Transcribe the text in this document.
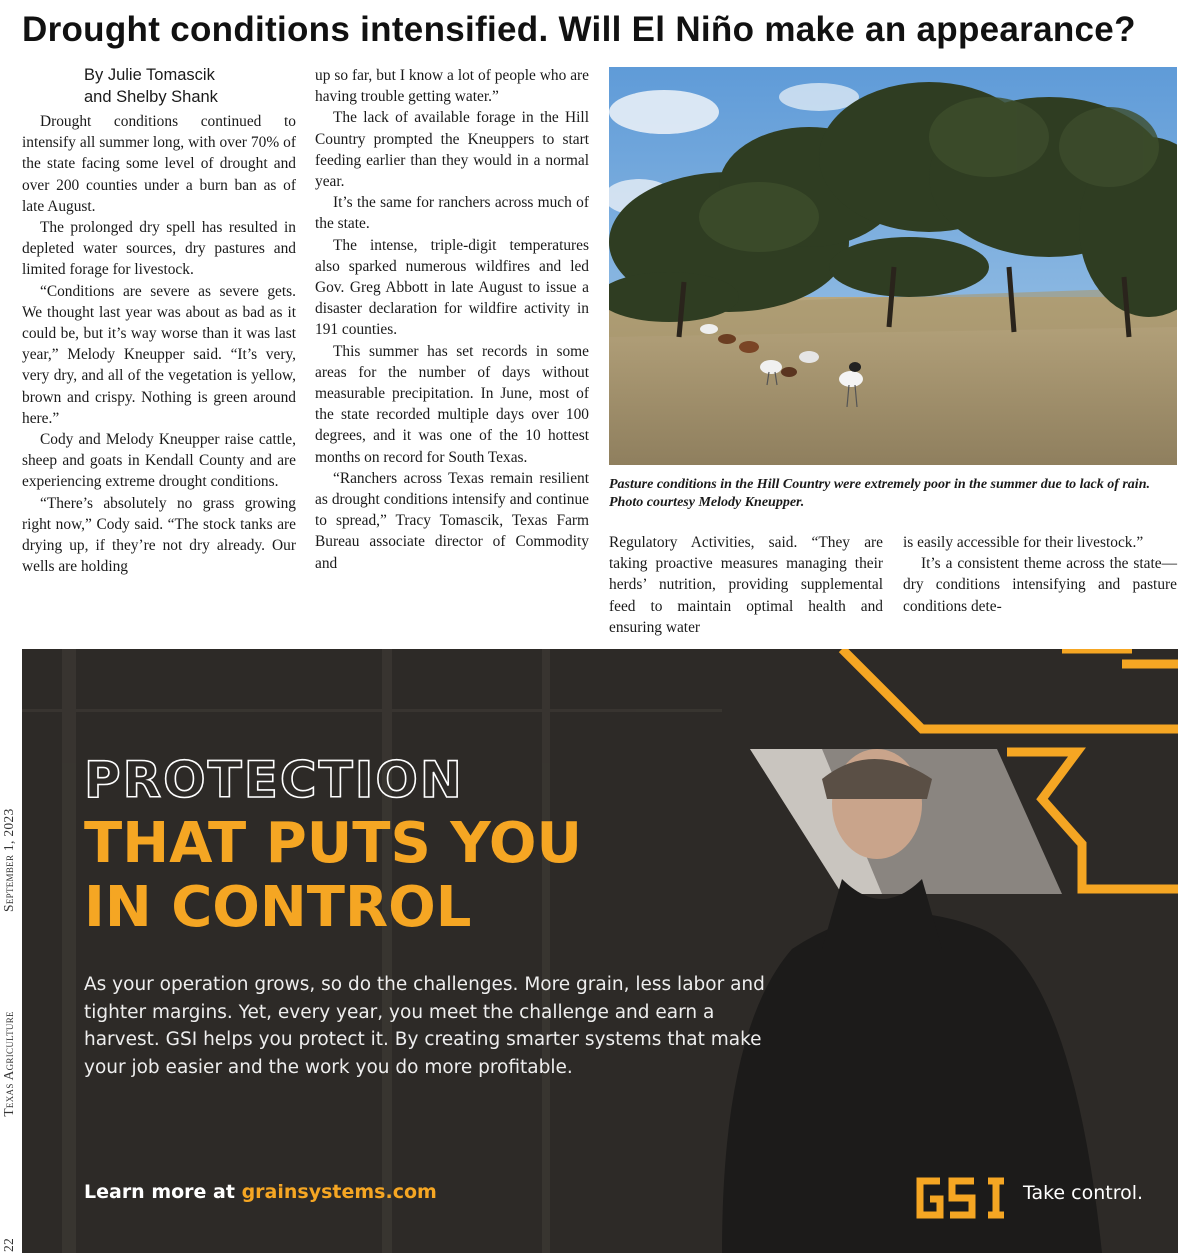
Drought conditions intensified. Will El Niño make an appearance?
By Julie Tomascik
and Shelby Shank

Drought conditions continued to intensify all summer long, with over 70% of the state facing some level of drought and over 200 counties under a burn ban as of late August.

The prolonged dry spell has resulted in depleted water sources, dry pastures and limited forage for livestock.

“Conditions are severe as severe gets. We thought last year was about as bad as it could be, but it’s way worse than it was last year,” Melody Kneupper said. “It’s very, very dry, and all of the vegetation is yellow, brown and crispy. Nothing is green around here.”

Cody and Melody Kneupper raise cattle, sheep and goats in Kendall County and are experiencing extreme drought conditions.

“There’s absolutely no grass growing right now,” Cody said. “The stock tanks are drying up, if they’re not dry already. Our wells are holding

up so far, but I know a lot of people who are having trouble getting water.”

The lack of available forage in the Hill Country prompted the Kneuppers to start feeding earlier than they would in a normal year.

It’s the same for ranchers across much of the state.

The intense, triple-digit temperatures also sparked numerous wildfires and led Gov. Greg Abbott in late August to issue a disaster declaration for wildfire activity in 191 counties.

This summer has set records in some areas for the number of days without measurable precipitation. In June, most of the state recorded multiple days over 100 degrees, and it was one of the 10 hottest months on record for South Texas.

“Ranchers across Texas remain resilient as drought conditions intensify and continue to spread,” Tracy Tomascik, Texas Farm Bureau associate director of Commodity and

Pasture conditions in the Hill Country were extremely poor in the summer due to lack of rain. Photo courtesy Melody Kneupper.

Regulatory Activities, said. “They are taking proactive measures managing their herds’ nutrition, providing supplemental feed to maintain optimal health and ensuring water

is easily accessible for their livestock.”

It’s a consistent theme across the state—dry conditions intensifying and pasture conditions dete-

PROTECTION
THAT PUTS YOU
IN CONTROL
As your operation grows, so do the challenges. More grain, less labor and tighter margins. Yet, every year, you meet the challenge and earn a harvest. GSI helps you protect it. By creating smarter systems that make your job easier and the work you do more profitable.
Learn more at grainsystems.com	Take control.
22                                 Texas Agriculture                           September 1, 2023
